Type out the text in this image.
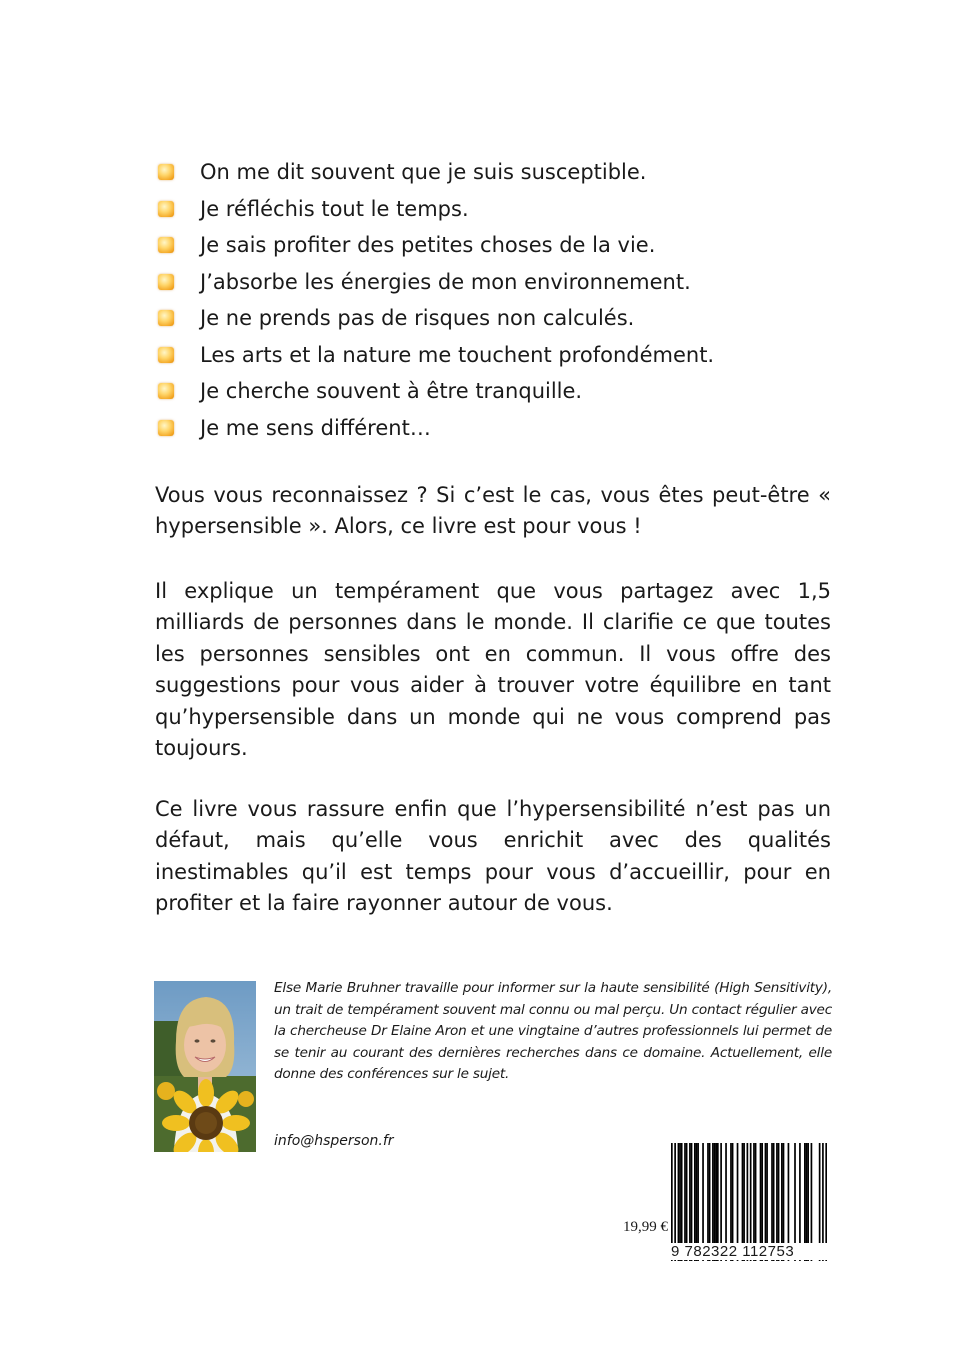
On me dit souvent que je suis susceptible.
Je réfléchis tout le temps.
Je sais profiter des petites choses de la vie.
J’absorbe les énergies de mon environnement.
Je ne prends pas de risques non calculés.
Les arts et la nature me touchent profondément.
Je cherche souvent à être tranquille.
Je me sens différent…

Vous vous reconnaissez ? Si c’est le cas, vous êtes peut-être « hypersensible ». Alors, ce livre est pour vous !

Il explique un tempérament que vous partagez avec 1,5 milliards de personnes dans le monde. Il clarifie ce que toutes les personnes sensibles ont en commun. Il vous offre des suggestions pour vous aider à trouver votre équilibre en tant qu’hypersensible dans un monde qui ne vous comprend pas toujours.

Ce livre vous rassure enfin que l’hypersensibilité n’est pas un défaut, mais qu’elle vous enrichit avec des qualités inestimables qu’il est temps pour vous d’accueillir, pour en profiter et la faire rayonner autour de vous.

Else Marie Bruhner travaille pour informer sur la haute sensibilité (High Sensitivity), un trait de tempérament souvent mal connu ou mal perçu. Un contact régulier avec la chercheuse Dr Elaine Aron et une vingtaine d’autres professionnels lui permet de se tenir au courant des dernières recherches dans ce domaine. Actuellement, elle donne des conférences sur le sujet.

info@hsperson.fr
19,99 €
9 782322 112753
